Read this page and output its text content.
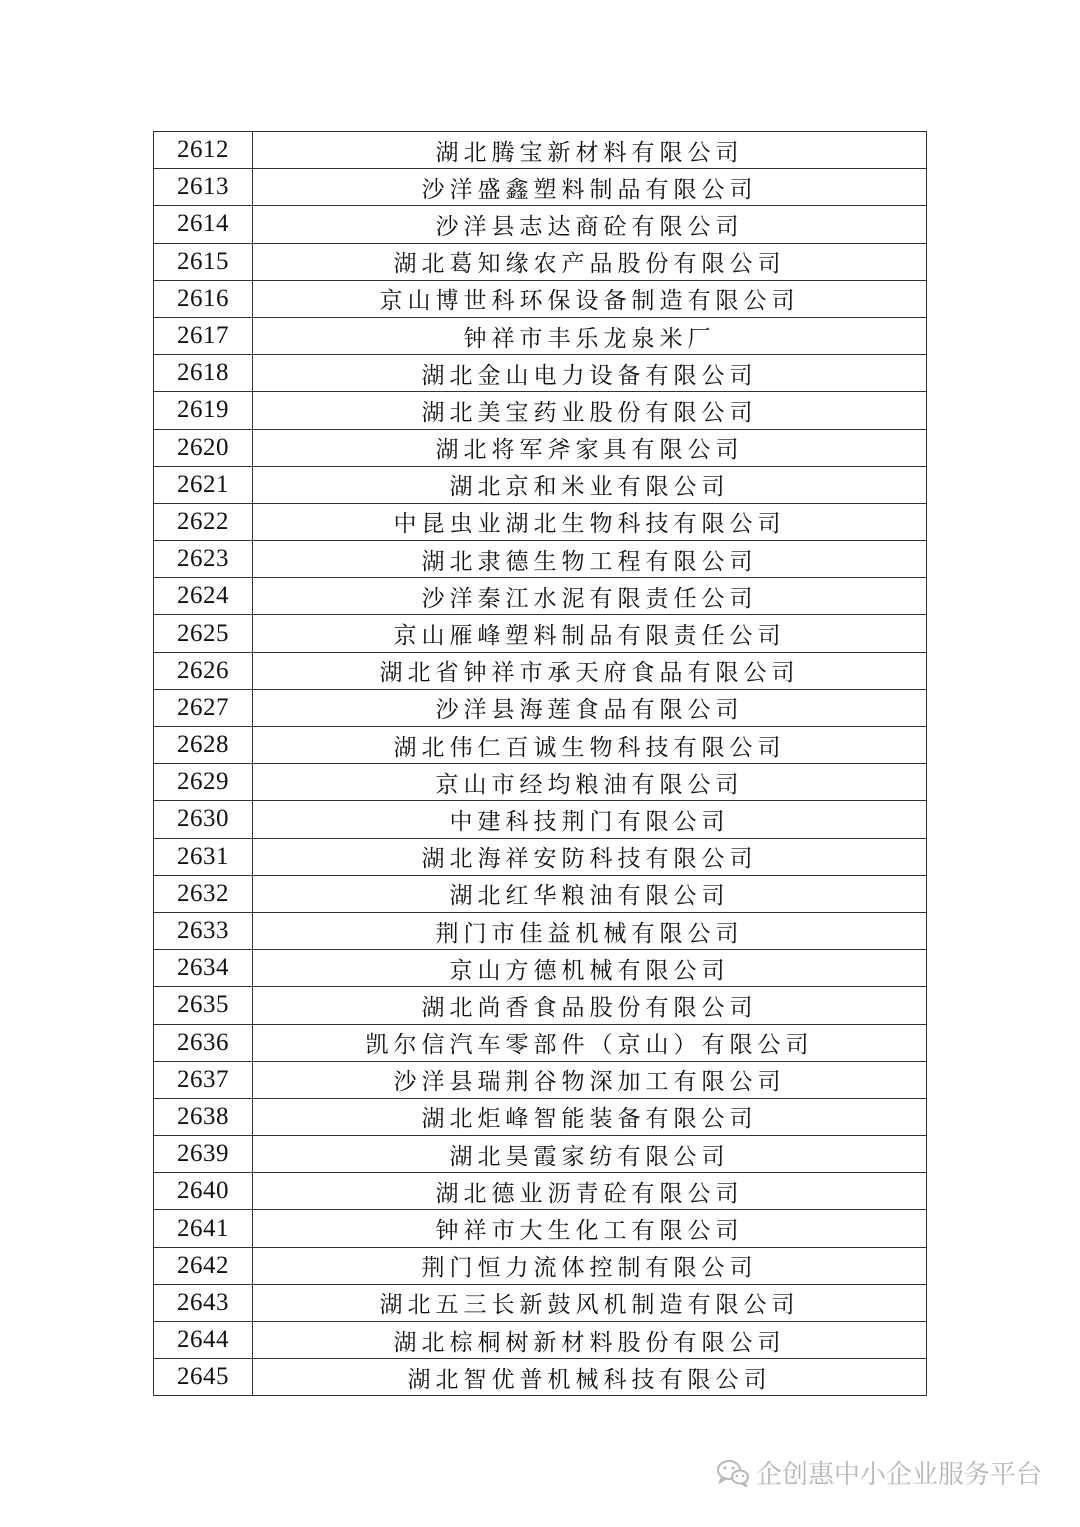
2612	湖北腾宝新材料有限公司
2613	沙洋盛鑫塑料制品有限公司
2614	沙洋县志达商砼有限公司
2615	湖北葛知缘农产品股份有限公司
2616	京山博世科环保设备制造有限公司
2617	钟祥市丰乐龙泉米厂
2618	湖北金山电力设备有限公司
2619	湖北美宝药业股份有限公司
2620	湖北将军斧家具有限公司
2621	湖北京和米业有限公司
2622	中昆虫业湖北生物科技有限公司
2623	湖北隶德生物工程有限公司
2624	沙洋秦江水泥有限责任公司
2625	京山雁峰塑料制品有限责任公司
2626	湖北省钟祥市承天府食品有限公司
2627	沙洋县海莲食品有限公司
2628	湖北伟仁百诚生物科技有限公司
2629	京山市经均粮油有限公司
2630	中建科技荆门有限公司
2631	湖北海祥安防科技有限公司
2632	湖北红华粮油有限公司
2633	荆门市佳益机械有限公司
2634	京山方德机械有限公司
2635	湖北尚香食品股份有限公司
2636	凯尔信汽车零部件（京山）有限公司
2637	沙洋县瑞荆谷物深加工有限公司
2638	湖北炬峰智能装备有限公司
2639	湖北昊霞家纺有限公司
2640	湖北德业沥青砼有限公司
2641	钟祥市大生化工有限公司
2642	荆门恒力流体控制有限公司
2643	湖北五三长新鼓风机制造有限公司
2644	湖北棕桐树新材料股份有限公司
2645	湖北智优普机械科技有限公司
企创惠中小企业服务平台
